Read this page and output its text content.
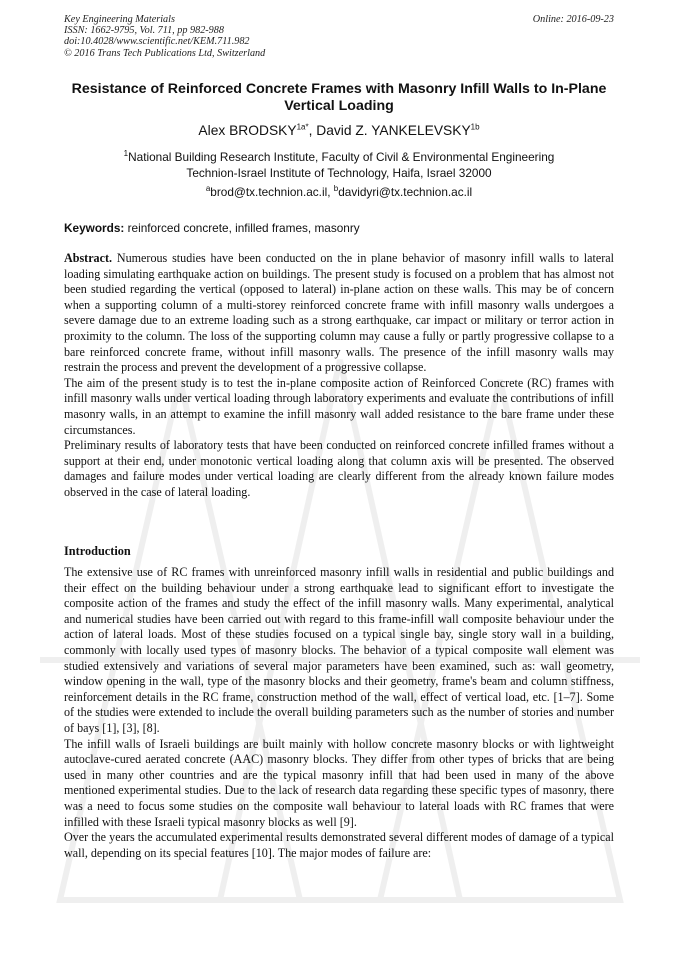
Key Engineering Materials
ISSN: 1662-9795, Vol. 711, pp 982-988
doi:10.4028/www.scientific.net/KEM.711.982
© 2016 Trans Tech Publications Ltd, Switzerland
Online: 2016-09-23
Resistance of Reinforced Concrete Frames with Masonry Infill Walls to In-Plane Vertical Loading
Alex $BRODSKY^{1a*}$, David Z. $YANKELEVSKY^{1b}$
$^1$National Building Research Institute, Faculty of Civil & Environmental Engineering
Technion-Israel Institute of Technology, Haifa, Israel 32000
$^a$brod@tx.technion.ac.il, $^b$davidyri@tx.technion.ac.il
Keywords: reinforced concrete, infilled frames, masonry

Abstract. Numerous studies have been conducted on the in plane behavior of masonry infill walls to lateral loading simulating earthquake action on buildings. The present study is focused on a problem that has almost not been studied regarding the vertical (opposed to lateral) in-plane action on these walls. This may be of concern when a supporting column of a multi-storey reinforced concrete frame with infill masonry walls undergoes a severe damage due to an extreme loading such as a strong earthquake, car impact or military or terror action in proximity to the column. The loss of the supporting column may cause a fully or partly progressive collapse to a bare reinforced concrete frame, without infill masonry walls. The presence of the infill masonry walls may restrain the process and prevent the development of a progressive collapse.

The aim of the present study is to test the in-plane composite action of Reinforced Concrete (RC) frames with infill masonry walls under vertical loading through laboratory experiments and evaluate the contributions of infill masonry walls, in an attempt to examine the infill masonry wall added resistance to the bare frame under these circumstances.

Preliminary results of laboratory tests that have been conducted on reinforced concrete infilled frames without a support at their end, under monotonic vertical loading along that column axis will be presented. The observed damages and failure modes under vertical loading are clearly different from the already known failure modes observed in the case of lateral loading.

Introduction

The extensive use of RC frames with unreinforced masonry infill walls in residential and public buildings and their effect on the building behaviour under a strong earthquake lead to significant effort to investigate the composite action of the frames and study the effect of the infill masonry walls. Many experimental, analytical and numerical studies have been carried out with regard to this frame-infill wall composite behaviour under the action of lateral loads. Most of these studies focused on a typical single bay, single story wall in a building, commonly with locally used types of masonry blocks. The behavior of a typical composite wall element was studied extensively and variations of several major parameters have been examined, such as: wall geometry, window opening in the wall, type of the masonry blocks and their geometry, frame's beam and column stiffness, reinforcement details in the RC frame, construction method of the wall, effect of vertical load, etc. [1–7]. Some of the studies were extended to include the overall building parameters such as the number of stories and number of bays [1], [3], [8].

The infill walls of Israeli buildings are built mainly with hollow concrete masonry blocks or with lightweight autoclave-cured aerated concrete (AAC) masonry blocks. They differ from other types of bricks that are being used in many other countries and are the typical masonry infill that had been used in many of the above mentioned experimental studies. Due to the lack of research data regarding these specific types of masonry, there was a need to focus some studies on the composite wall behaviour to lateral loads with RC frames that were infilled with these Israeli typical masonry blocks as well [9].

Over the years the accumulated experimental results demonstrated several different modes of damage of a typical wall, depending on its special features [10]. The major modes of failure are:
